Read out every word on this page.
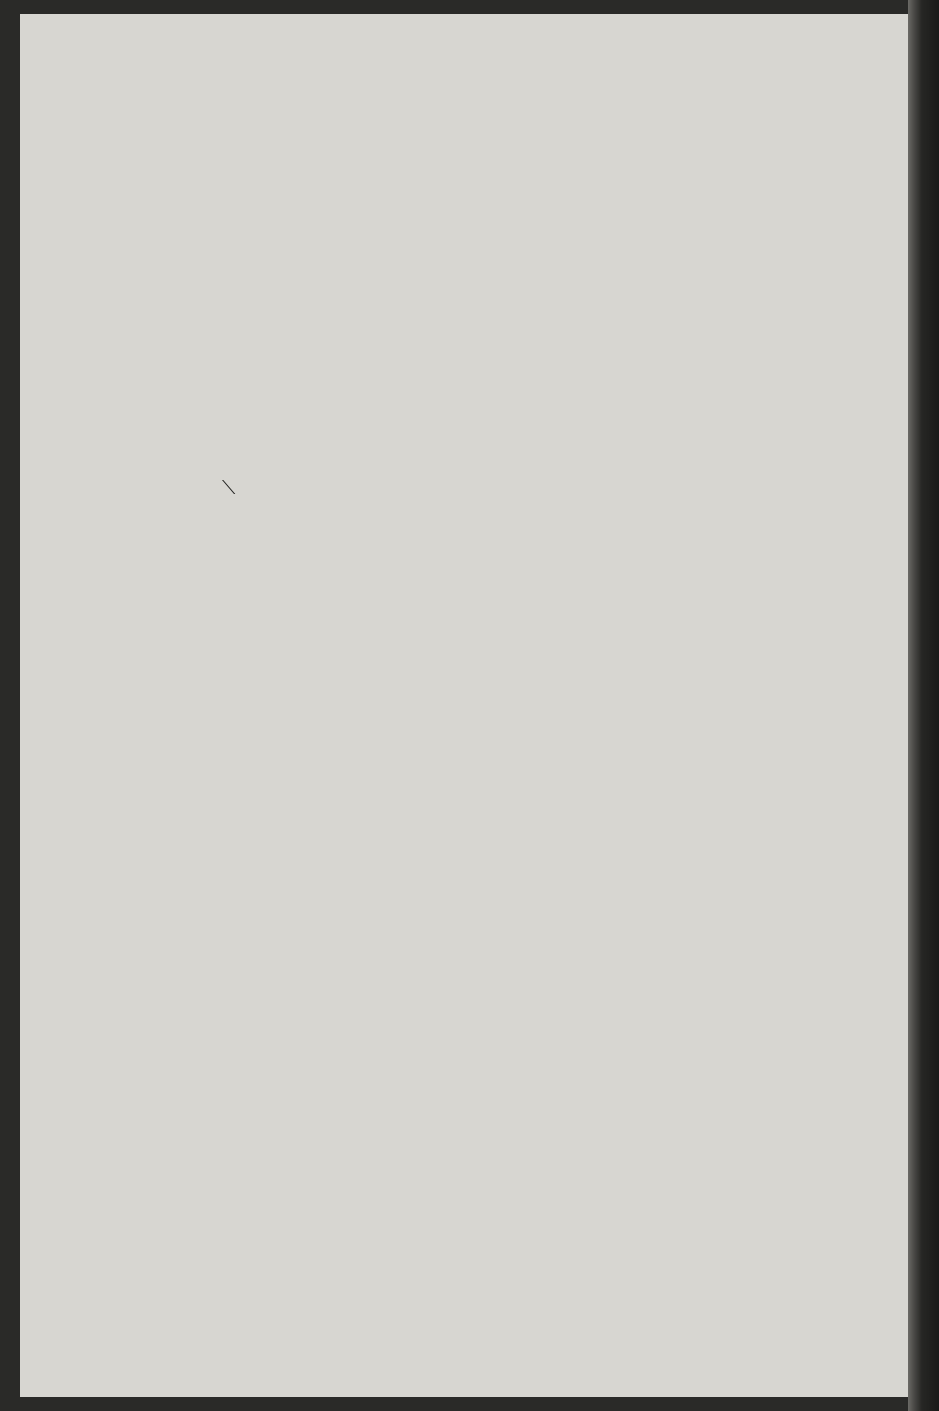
⟍
